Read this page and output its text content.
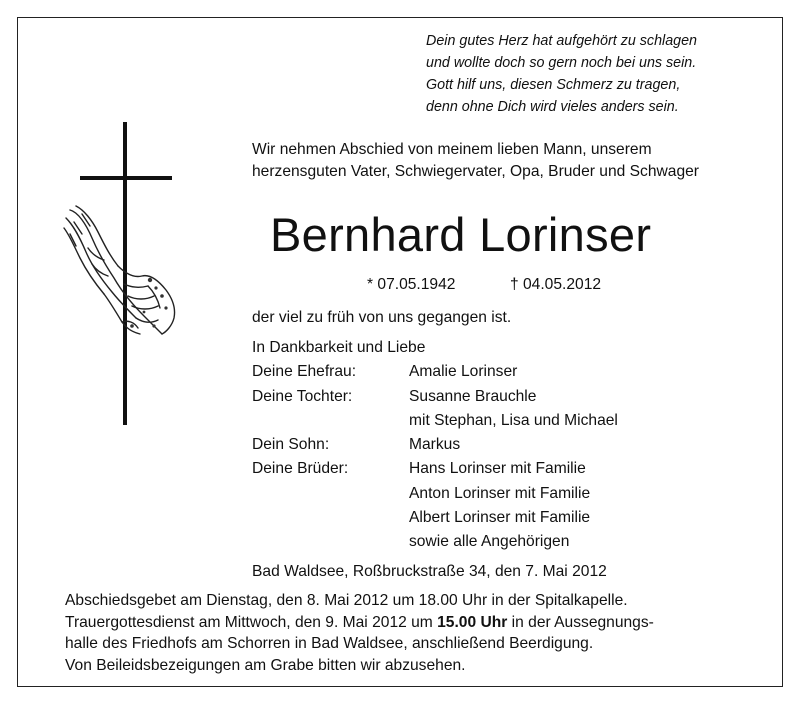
Dein gutes Herz hat aufgehört zu schlagen
und wolltе doch so gern noch bei uns sein.
Gott hilf uns, diesen Schmerz zu tragen,
denn ohne Dich wird vieles anders sein.
Wir nehmen Abschied von meinem lieben Mann, unserem herzensguten Vater, Schwiegervater, Opa, Bruder und Schwager
Bernhard Lorinser
* 07.05.1942	† 04.05.2012
der viel zu früh von uns gegangen ist.
In Dankbarkeit und Liebe
Deine Ehefrau:	Amalie Lorinser
Deine Tochter:	Susanne Brauchle
mit Stephan, Lisa und Michael
Dein Sohn:	Markus
Deine Brüder:	Hans Lorinser mit Familie
Anton Lorinser mit Familie
Albert Lorinser mit Familie
sowie alle Angehörigen
Bad Waldsee, Roßbruckstraße 34, den 7. Mai 2012
Abschiedsgebet am Dienstag, den 8. Mai 2012 um 18.00 Uhr in der Spitalkapelle.
Trauergottesdienst am Mittwoch, den 9. Mai 2012 um 15.00 Uhr in der Aussegnungs-
halle des Friedhofs am Schorren in Bad Waldsee, anschließend Beerdigung.
Von Beileidsbezeigungen am Grabe bitten wir abzusehen.
